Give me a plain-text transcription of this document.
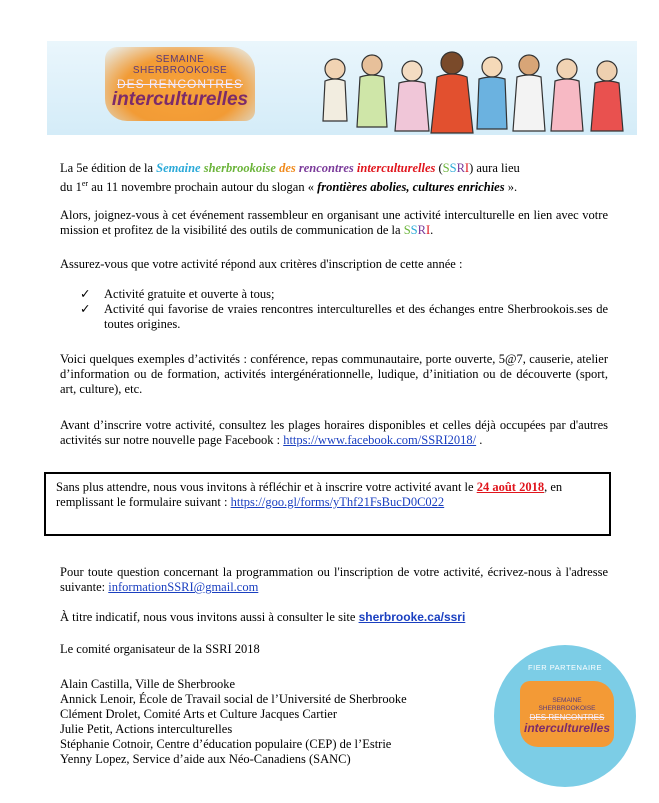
SEMAINE
SHERBROOKOISE
DES RENCONTRES
interculturelles

La 5e édition de la Semaine sherbrookoise des rencontres interculturelles (SSRI) aura lieu
du 1er au 11 novembre prochain autour du slogan « frontières abolies, cultures enrichies ».

Alors, joignez-vous à cet événement rassembleur en organisant une activité interculturelle en lien avec votre mission et profitez de la visibilité des outils de communication de la SSRI.

Assurez-vous que votre activité répond aux critères d'inscription de cette année :

✓	Activité gratuite et ouverte à tous;
✓	Activité qui favorise de vraies rencontres interculturelles et des échanges entre Sherbrookois.ses de toutes origines.

Voici quelques exemples d’activités : conférence, repas communautaire, porte ouverte, 5@7, causerie, atelier d’information ou de formation, activités intergénérationnelle, ludique, d’initiation ou de découverte (sport, art, culture), etc.

Avant d’inscrire votre activité, consultez les plages horaires disponibles et celles déjà occupées par d'autres activités sur notre nouvelle page Facebook : https://www.facebook.com/SSRI2018/ .

Sans plus attendre, nous vous invitons à réfléchir et à inscrire votre activité avant le 24 août 2018, en remplissant le formulaire suivant : https://goo.gl/forms/yThf21FsBucD0C022

Pour toute question concernant la programmation ou l'inscription de votre activité, écrivez-nous à l'adresse suivante: informationSSRI@gmail.com

À titre indicatif, nous vous invitons aussi à consulter le site sherbrooke.ca/ssri

Le comité organisateur de la SSRI 2018

Alain Castilla, Ville de Sherbrooke
Annick Lenoir, École de Travail social de l’Université de Sherbrooke
Clément Drolet, Comité Arts et Culture Jacques Cartier
Julie Petit, Actions interculturelles
Stéphanie Cotnoir, Centre d’éducation populaire (CEP) de l’Estrie
Yenny Lopez, Service d’aide aux Néo-Canadiens (SANC)
FIER PARTENAIRE
SEMAINE
SHERBROOKOISE
DES RENCONTRES
interculturelles
